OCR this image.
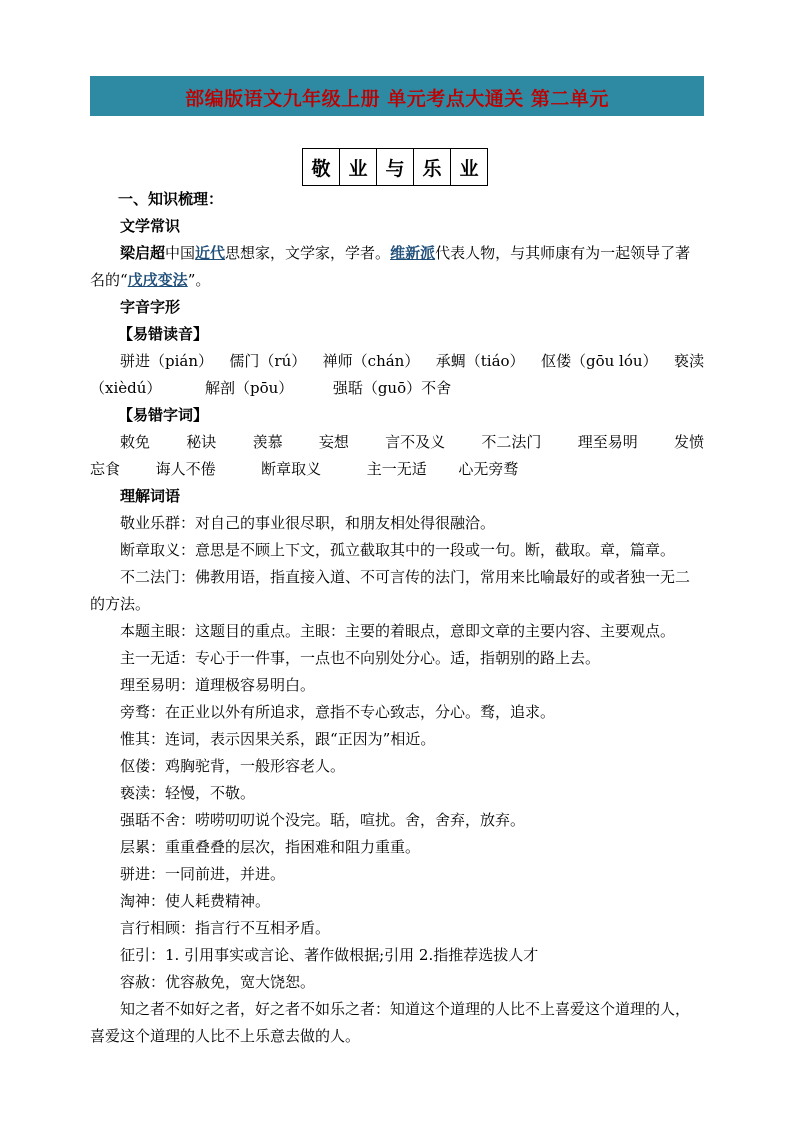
部编版语文九年级上册 单元考点大通关 第二单元
敬	业	与	乐	业

一、知识梳理：

文学常识

梁启超中国近代思想家，文学家，学者。维新派代表人物，与其师康有为一起领导了著名的“戊戌变法”。

字音字形

【易错读音】

骈进（pián） 儒门（rú） 禅师（chán） 承蜩（tiáo） 伛偻（gōu lóu） 亵渎

（xièdú）	解剖（pōu）	强聒（guō）不舍

【易错字词】

敕免 秘诀 羡慕 妄想 言不及义 不二法门 理至易明 发愤

忘食 诲人不倦	断章取义	主一无适 心无旁骛

理解词语

敬业乐群：对自己的事业很尽职，和朋友相处得很融洽。

断章取义：意思是不顾上下文，孤立截取其中的一段或一句。断，截取。章，篇章。

不二法门：佛教用语，指直接入道、不可言传的法门，常用来比喻最好的或者独一无二的方法。

本题主眼：这题目的重点。主眼：主要的着眼点，意即文章的主要内容、主要观点。

主一无适：专心于一件事，一点也不向别处分心。适，指朝别的路上去。

理至易明：道理极容易明白。

旁骛：在正业以外有所追求，意指不专心致志，分心。骛，追求。

惟其：连词，表示因果关系，跟“正因为”相近。

伛偻：鸡胸驼背，一般形容老人。

亵渎：轻慢，不敬。

强聒不舍：唠唠叨叨说个没完。聒，喧扰。舍，舍弃，放弃。

层累：重重叠叠的层次，指困难和阻力重重。

骈进：一同前进，并进。

淘神：使人耗费精神。

言行相顾：指言行不互相矛盾。

征引：1. 引用事实或言论、著作做根据;引用 2.指推荐选拔人才

容赦：优容赦免，宽大饶恕。

知之者不如好之者，好之者不如乐之者：知道这个道理的人比不上喜爱这个道理的人，喜爱这个道理的人比不上乐意去做的人。
